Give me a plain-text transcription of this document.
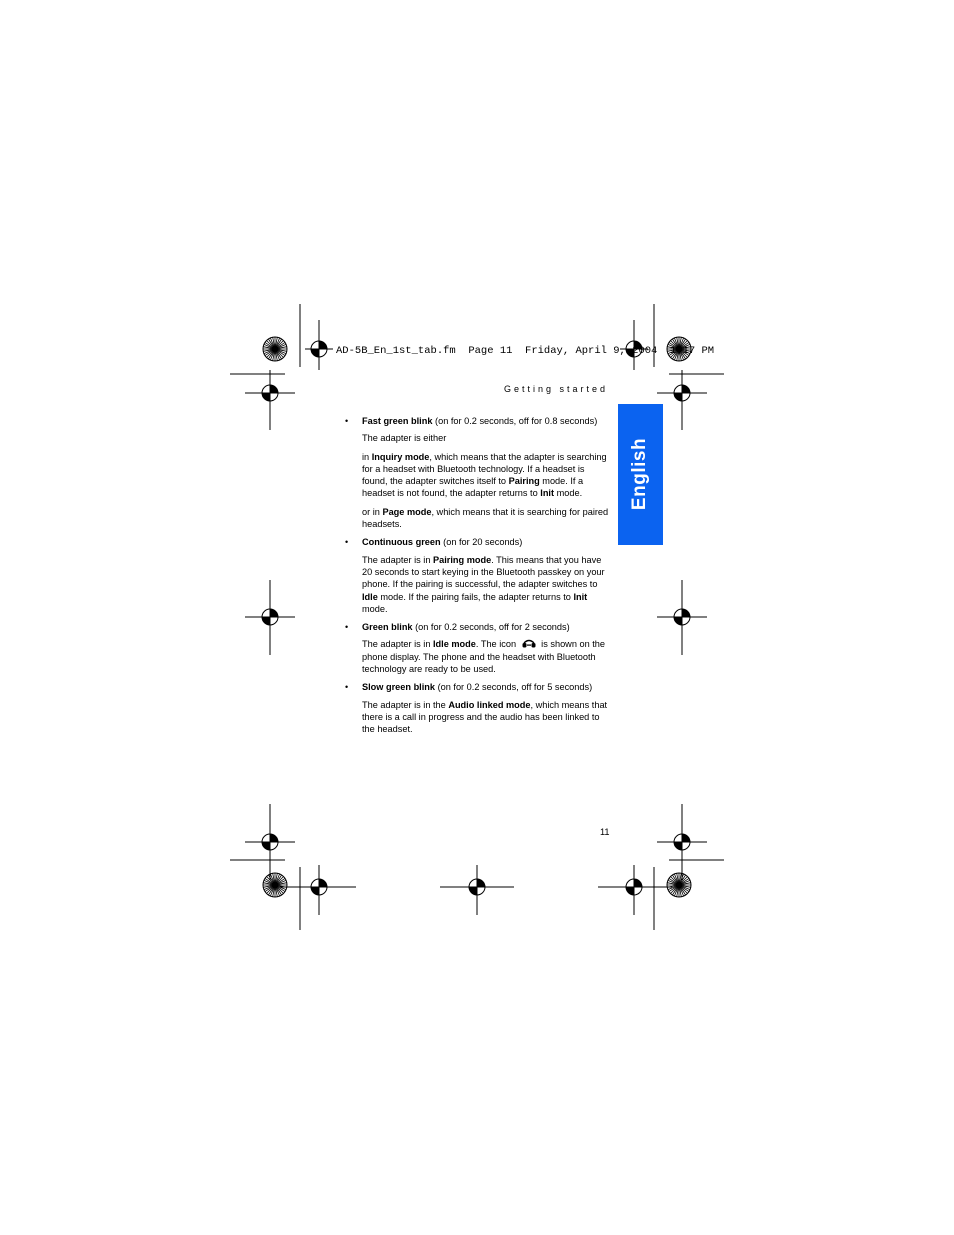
AD-5B_En_1st_tab.fm  Page 11  Friday, April 9, 2004  1:17 PM
Getting started
English
• Fast green blink (on for 0.2 seconds, off for 0.8 seconds)
The adapter is either
in Inquiry mode, which means that the adapter is searching for a headset with Bluetooth technology. If a headset is found, the adapter switches itself to Pairing mode. If a headset is not found, the adapter returns to Init mode.
or in Page mode, which means that it is searching for paired headsets.
• Continuous green (on for 20 seconds)
The adapter is in Pairing mode. This means that you have 20 seconds to start keying in the Bluetooth passkey on your phone. If the pairing is successful, the adapter switches to Idle mode. If the pairing fails, the adapter returns to Init mode.
• Green blink (on for 0.2 seconds, off for 2 seconds)
The adapter is in Idle mode. The icon  is shown on the phone display. The phone and the headset with Bluetooth technology are ready to be used.
• Slow green blink (on for 0.2 seconds, off for 5 seconds)
The adapter is in the Audio linked mode, which means that there is a call in progress and the audio has been linked to the headset.
11
